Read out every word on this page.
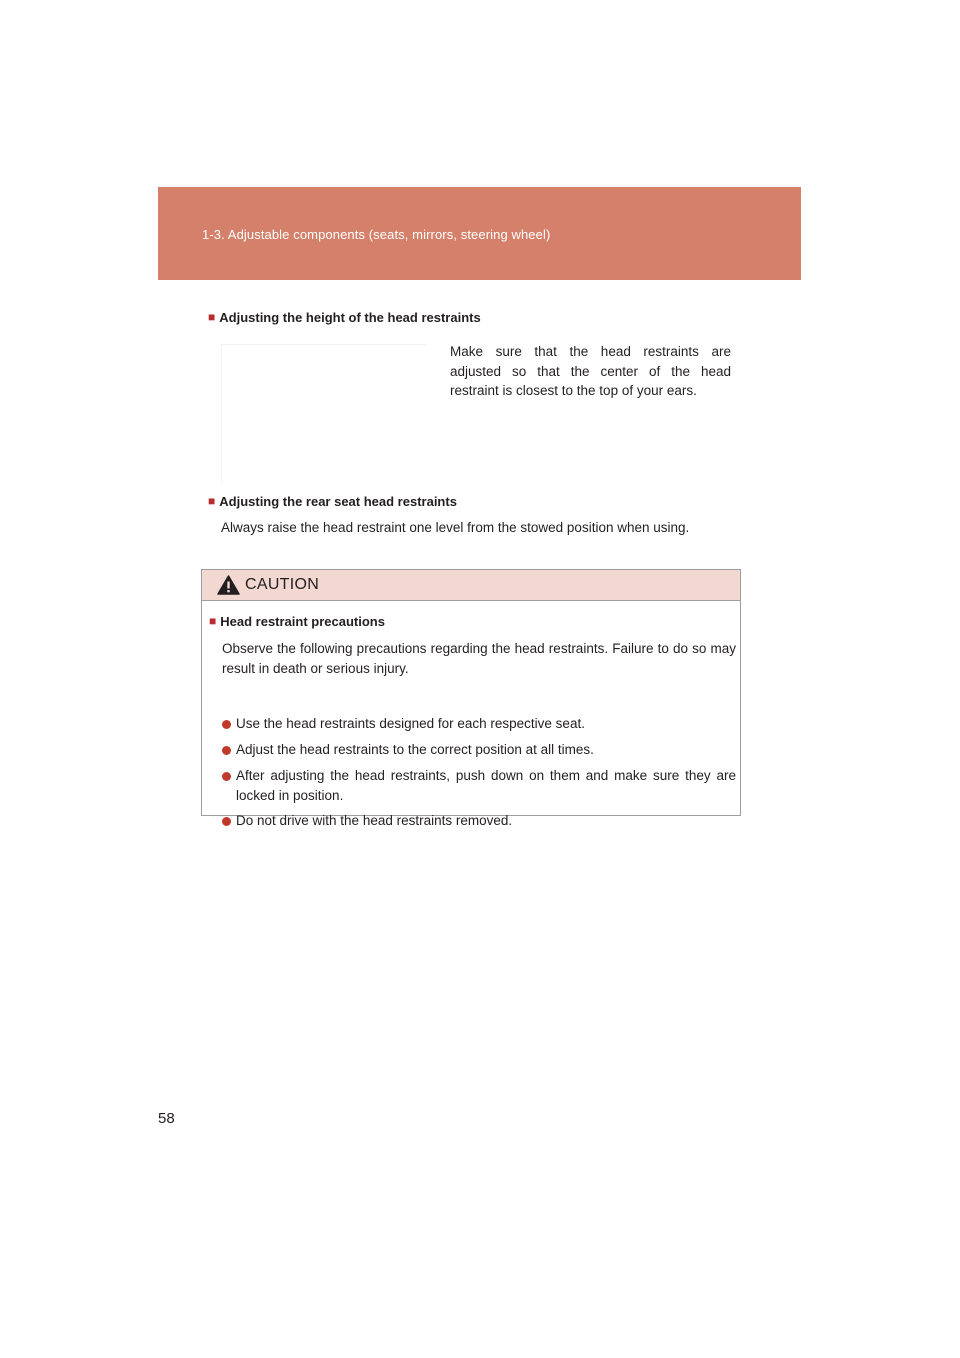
1-3. Adjustable components (seats, mirrors, steering wheel)
■ Adjusting the height of the head restraints
Make sure that the head restraints are adjusted so that the center of the head restraint is closest to the top of your ears.
■ Adjusting the rear seat head restraints
Always raise the head restraint one level from the stowed position when using.
CAUTION
■ Head restraint precautions
Observe the following precautions regarding the head restraints. Failure to do so may result in death or serious injury.
Use the head restraints designed for each respective seat.
Adjust the head restraints to the correct position at all times.
After adjusting the head restraints, push down on them and make sure they are locked in position.
Do not drive with the head restraints removed.
58
